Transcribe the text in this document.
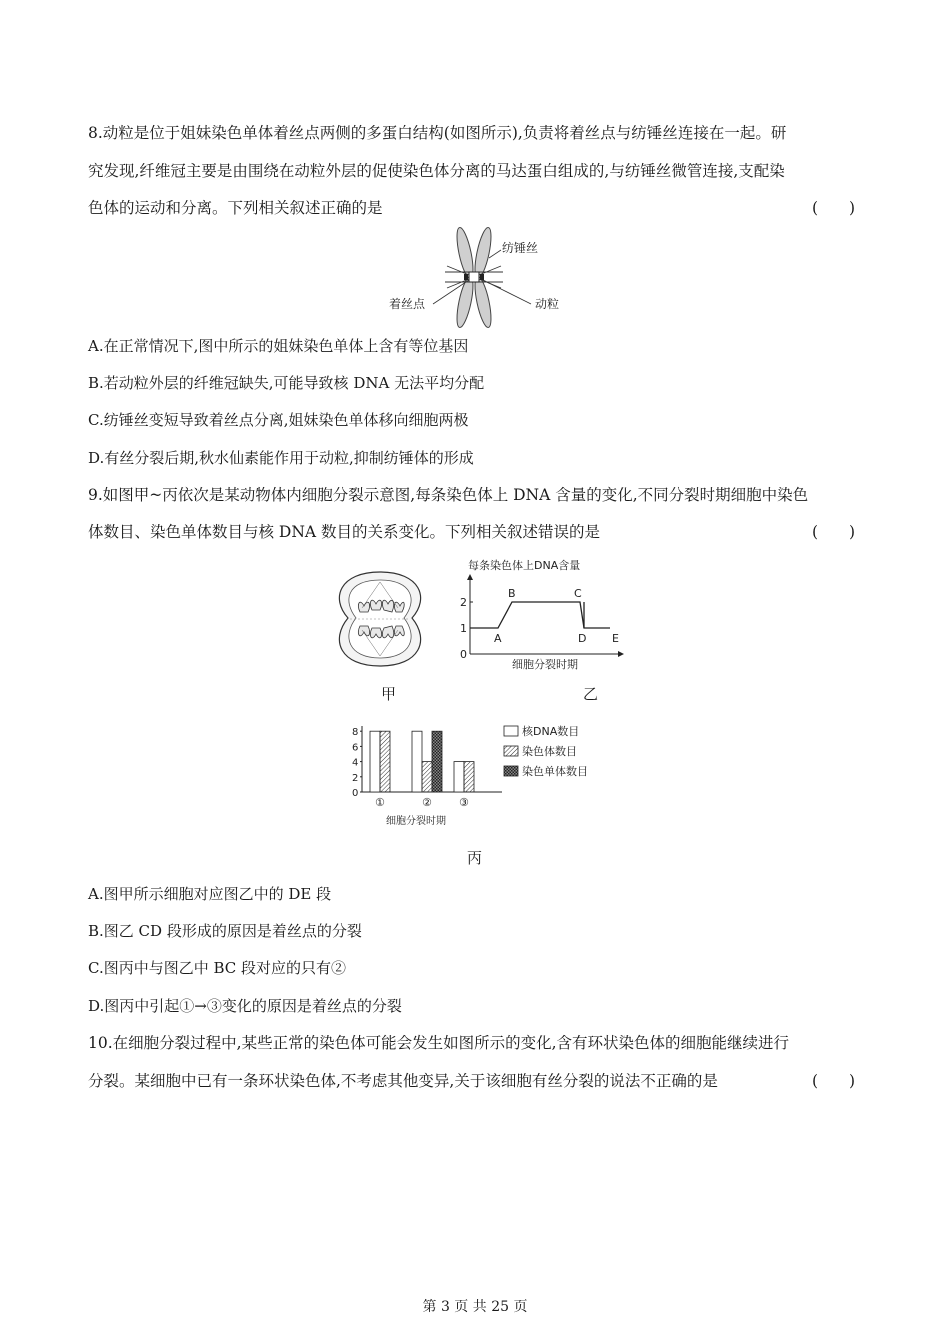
8.动粒是位于姐妹染色单体着丝点两侧的多蛋白结构(如图所示),负责将着丝点与纺锤丝连接在一起。研
究发现,纤维冠主要是由围绕在动粒外层的促使染色体分离的马达蛋白组成的,与纺锤丝微管连接,支配染
色体的运动和分离。下列相关叙述正确的是	(　　)
纺锤丝
着丝点	动粒
A.在正常情况下,图中所示的姐妹染色单体上含有等位基因
B.若动粒外层的纤维冠缺失,可能导致核 DNA 无法平均分配
C.纺锤丝变短导致着丝点分离,姐妹染色单体移向细胞两极
D.有丝分裂后期,秋水仙素能作用于动粒,抑制纺锤体的形成
9.如图甲~丙依次是某动物体内细胞分裂示意图,每条染色体上 DNA 含量的变化,不同分裂时期细胞中染色
体数目、染色单体数目与核 DNA 数目的关系变化。下列相关叙述错误的是	(　　)
甲
每条染色体上DNA含量
0
1
2
A
B	C
D E
细胞分裂时期
乙
0
2
4
6
8
①	② ③
细胞分裂时期
核DNA数目
染色体数目
染色单体数目
丙
A.图甲所示细胞对应图乙中的 DE 段
B.图乙 CD 段形成的原因是着丝点的分裂
C.图丙中与图乙中 BC 段对应的只有②
D.图丙中引起①→③变化的原因是着丝点的分裂
10.在细胞分裂过程中,某些正常的染色体可能会发生如图所示的变化,含有环状染色体的细胞能继续进行
分裂。某细胞中已有一条环状染色体,不考虑其他变异,关于该细胞有丝分裂的说法不正确的是	(　　)
第 3 页 共 25 页
